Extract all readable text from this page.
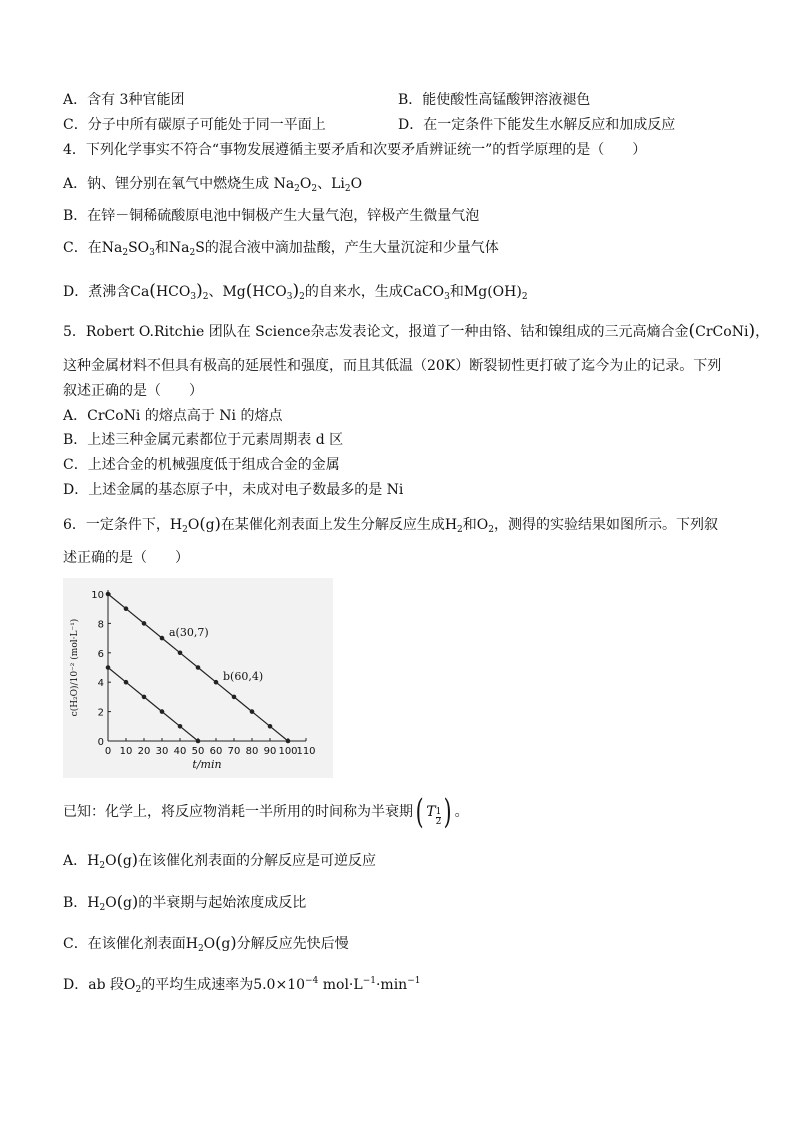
A．含有 3种官能团	B．能使酸性高锰酸钾溶液褪色
C．分子中所有碳原子可能处于同一平面上	D．在一定条件下能发生水解反应和加成反应
4．下列化学事实不符合“事物发展遵循主要矛盾和次要矛盾辨证统一”的哲学原理的是（　　）
A．钠、锂分别在氧气中燃烧生成 $Na_2O_2$、$Li_2O$
B．在锌－铜稀硫酸原电池中铜极产生大量气泡，锌极产生微量气泡
C．在$Na_2SO_3$和$Na_2S$的混合液中滴加盐酸，产生大量沉淀和少量气体
D．煮沸含$Ca(HCO_3)_2$、$Mg(HCO_3)_2$的自来水，生成CaCO$_3$和$Mg(OH)_2$
5．Robert O.Ritchie 团队在 Science杂志发表论文，报道了一种由铬、钴和镍组成的三元高熵合金(CrCoNi)，
这种金属材料不但具有极高的延展性和强度，而且其低温（20K）断裂韧性更打破了迄今为止的记录。下列
叙述正确的是（　　）
A．CrCoNi 的熔点高于 Ni 的熔点
B．上述三种金属元素都位于元素周期表 d 区
C．上述合金的机械强度低于组成合金的金属
D．上述金属的基态原子中，未成对电子数最多的是 Ni
6．一定条件下，$H_2O(g)$在某催化剂表面上发生分解反应生成$H_2$和$O_2$，测得的实验结果如图所示。下列叙
述正确的是（　　）
0 10 20 30 40 50 60 70 80 90 100
110
0
2
4
6
8
10
a(30,7)
b(60,4)
t/min
c(H₂O)/10⁻² (mol·L⁻¹)
已知：化学上，将反应物消耗一半所用的时间称为半衰期( T $\frac{1}{2}$ ) 。
A．$H_2O(g)$在该催化剂表面的分解反应是可逆反应
B．$H_2O(g)$的半衰期与起始浓度成反比
C．在该催化剂表面$H_2O(g)$分解反应先快后慢
D．ab 段$O_2$的平均生成速率为$5.0\times 10^{-4}$ $mol\cdot L^{-1}\cdot\min^{-1}$
